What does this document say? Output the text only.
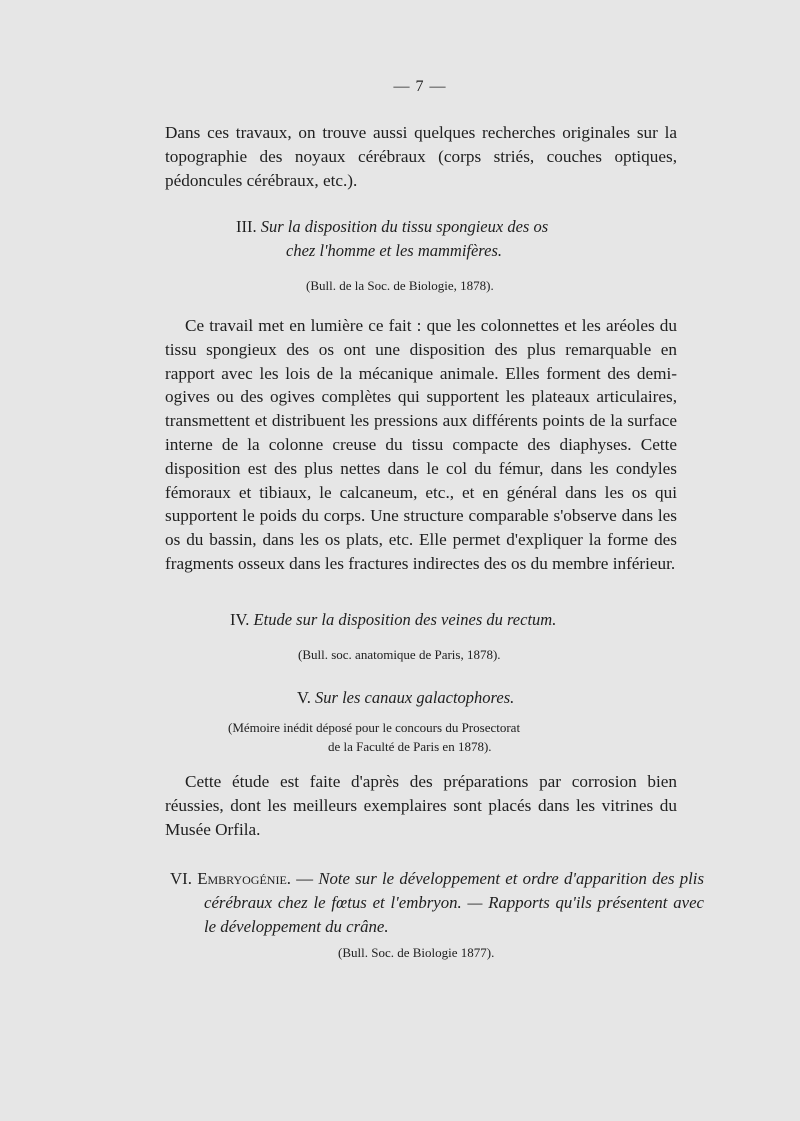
— 7 —

Dans ces travaux, on trouve aussi quelques recherches originales sur la topographie des noyaux cérébraux (corps striés, couches optiques, pédoncules cérébraux, etc.).

III. Sur la disposition du tissu spongieux des os
chez l'homme et les mammifères.

(Bull. de la Soc. de Biologie, 1878).

Ce travail met en lumière ce fait : que les colonnettes et les aréoles du tissu spongieux des os ont une disposition des plus remarquable en rapport avec les lois de la mécanique animale. Elles forment des demi-ogives ou des ogives complètes qui supportent les plateaux articulaires, transmettent et distribuent les pressions aux différents points de la surface interne de la colonne creuse du tissu compacte des diaphyses. Cette disposition est des plus nettes dans le col du fémur, dans les condyles fémoraux et tibiaux, le calcaneum, etc., et en général dans les os qui supportent le poids du corps. Une structure comparable s'observe dans les os du bassin, dans les os plats, etc. Elle permet d'expliquer la forme des fragments osseux dans les fractures indirectes des os du membre inférieur.

IV. Etude sur la disposition des veines du rectum.

(Bull. soc. anatomique de Paris, 1878).

V. Sur les canaux galactophores.

(Mémoire inédit déposé pour le concours du Prosectorat

de la Faculté de Paris en 1878).

Cette étude est faite d'après des préparations par corrosion bien réussies, dont les meilleurs exemplaires sont placés dans les vitrines du Musée Orfila.

VI. Embryogénie. — Note sur le développement et ordre d'apparition des plis cérébraux chez le fœtus et l'embryon. — Rapports qu'ils présentent avec le développement du crâne.

(Bull. Soc. de Biologie 1877).
